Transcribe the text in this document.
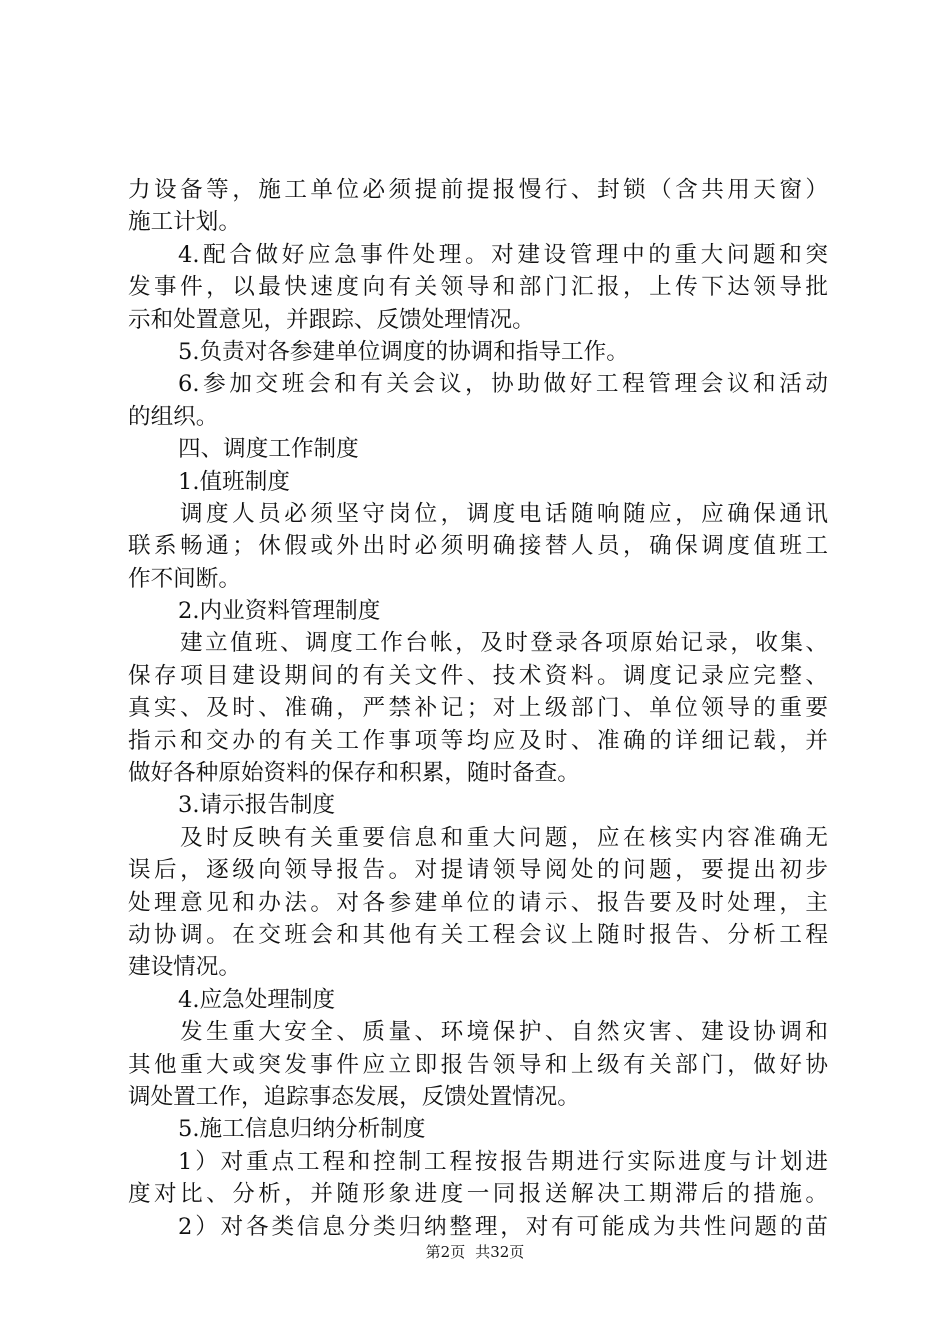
力设备等，施工单位必须提前提报慢行、封锁（含共用天窗）
施工计划。
4.配合做好应急事件处理。对建设管理中的重大问题和突
发事件，以最快速度向有关领导和部门汇报，上传下达领导批
示和处置意见，并跟踪、反馈处理情况。
5.负责对各参建单位调度的协调和指导工作。
6.参加交班会和有关会议，协助做好工程管理会议和活动
的组织。
四、调度工作制度
1.值班制度
调度人员必须坚守岗位，调度电话随响随应，应确保通讯
联系畅通；休假或外出时必须明确接替人员，确保调度值班工
作不间断。
2.内业资料管理制度
建立值班、调度工作台帐，及时登录各项原始记录，收集、
保存项目建设期间的有关文件、技术资料。调度记录应完整、
真实、及时、准确，严禁补记；对上级部门、单位领导的重要
指示和交办的有关工作事项等均应及时、准确的详细记载，并
做好各种原始资料的保存和积累，随时备查。
3.请示报告制度
及时反映有关重要信息和重大问题，应在核实内容准确无
误后，逐级向领导报告。对提请领导阅处的问题，要提出初步
处理意见和办法。对各参建单位的请示、报告要及时处理，主
动协调。在交班会和其他有关工程会议上随时报告、分析工程
建设情况。
4.应急处理制度
发生重大安全、质量、环境保护、自然灾害、建设协调和
其他重大或突发事件应立即报告领导和上级有关部门，做好协
调处置工作，追踪事态发展，反馈处置情况。
5.施工信息归纳分析制度
1）对重点工程和控制工程按报告期进行实际进度与计划进
度对比、分析，并随形象进度一同报送解决工期滞后的措施。
2）对各类信息分类归纳整理，对有可能成为共性问题的苗
第2页 共32页
